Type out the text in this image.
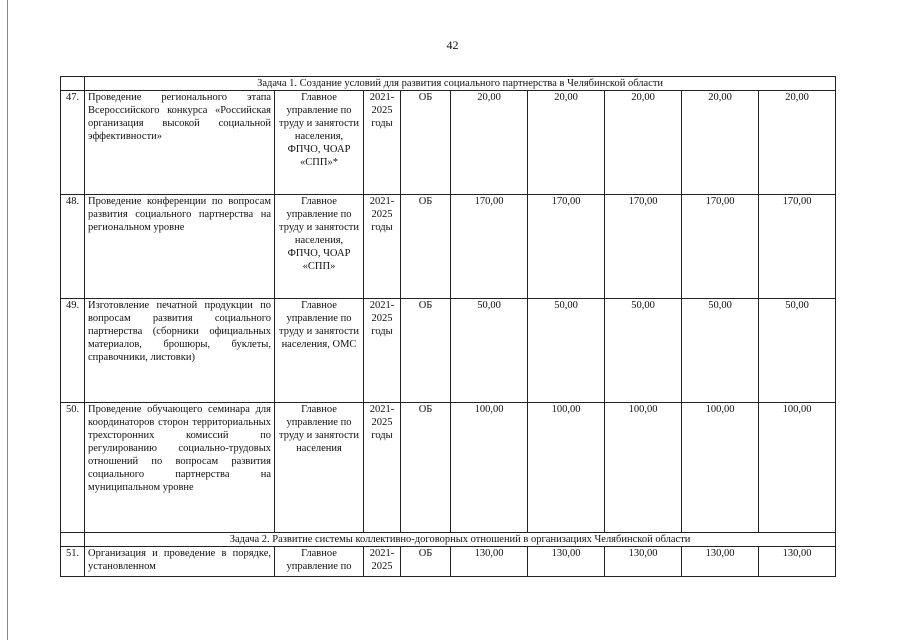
42
	Задача 1. Создание условий для развития социального партнерства в Челябинской области								
47.	Проведение регионального этапа Всероссийского конкурса «Российская организация высокой социальной эффективности»	Главное управление по труду и занятости населения, ФПЧО, ЧОАР «СПП»*	2021-2025 годы	ОБ	20,00	20,00	20,00	20,00	20,00
48.	Проведение конференции по вопросам развития социального партнерства на региональном уровне	Главное управление по труду и занятости населения, ФПЧО, ЧОАР «СПП»	2021-2025 годы	ОБ	170,00	170,00	170,00	170,00	170,00
49.	Изготовление печатной продукции по вопросам развития социального партнерства (сборники официальных материалов, брошюры, буклеты, справочники, листовки)	Главное управление по труду и занятости населения, ОМС	2021-2025 годы	ОБ	50,00	50,00	50,00	50,00	50,00
50.	Проведение обучающего семинара для координаторов сторон территориальных трехсторонних комиссий по регулированию социально-трудовых отношений по вопросам развития социального партнерства на муниципальном уровне	Главное управление по труду и занятости населения	2021-2025 годы	ОБ	100,00	100,00	100,00	100,00	100,00
	Задача 2. Развитие системы коллективно-договорных отношений в организациях Челябинской области								
51.	Организация и проведение в порядке, установленном	Главное управление по	2021-2025	ОБ	130,00	130,00	130,00	130,00	130,00
